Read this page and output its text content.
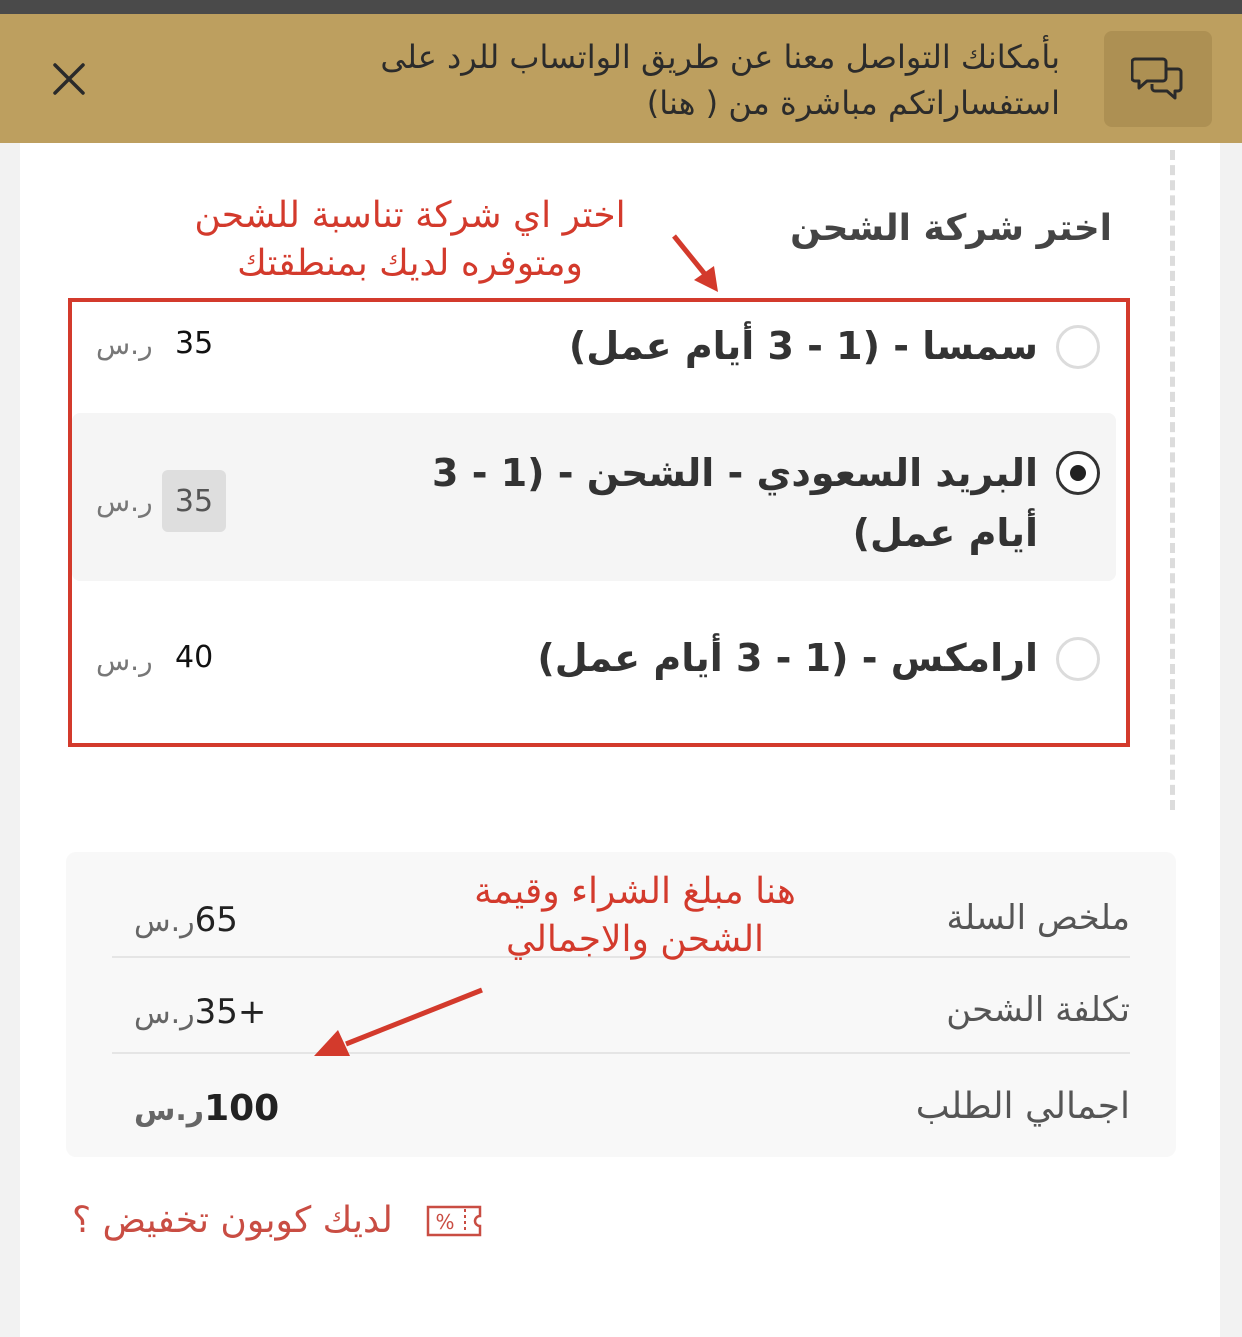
بأمكانك التواصل معنا عن طريق الواتساب للرد على استفساراتكم مباشرة من ( هنا)
اختر شركة الشحن
اختر اي شركة تناسبة للشحن ومتوفره لديك بمنطقتك
سمسا - (1 - 3 أيام عمل)
ر.س 35
البريد السعودي - الشحن - (1 - 3 أيام عمل)
ر.س 35
ارامكس - (1 - 3 أيام عمل)
ر.س 40
ملخص السلة
65ر.س
تكلفة الشحن
+35ر.س
اجمالي الطلب
100ر.س
هنا مبلغ الشراء وقيمة الشحن والاجمالي
%
لديك كوبون تخفيض ؟
